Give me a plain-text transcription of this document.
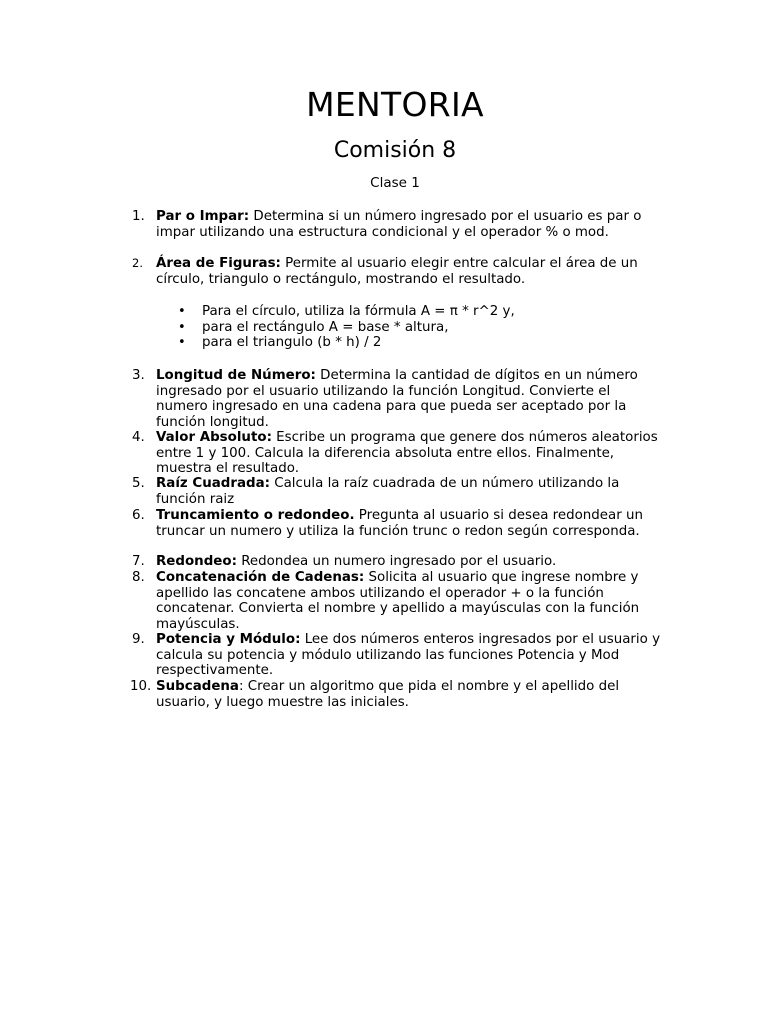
MENTORIA
Comisión 8
Clase 1
1. Par o Impar: Determina si un número ingresado por el usuario es par o impar utilizando una estructura condicional y el operador % o mod.
2. Área de Figuras: Permite al usuario elegir entre calcular el área de un círculo, triangulo o rectángulo, mostrando el resultado.
• Para el círculo, utiliza la fórmula A = π * r^2 y,
• para el rectángulo A = base * altura,
• para el triangulo (b * h) / 2
3. Longitud de Número: Determina la cantidad de dígitos en un número ingresado por el usuario utilizando la función Longitud. Convierte el numero ingresado en una cadena para que pueda ser aceptado por la función longitud.
4. Valor Absoluto: Escribe un programa que genere dos números aleatorios entre 1 y 100. Calcula la diferencia absoluta entre ellos. Finalmente, muestra el resultado.
5. Raíz Cuadrada: Calcula la raíz cuadrada de un número utilizando la función raiz
6. Truncamiento o redondeo. Pregunta al usuario si desea redondear un truncar un numero y utiliza la función trunc o redon según corresponda.
7. Redondeo: Redondea un numero ingresado por el usuario.
8. Concatenación de Cadenas: Solicita al usuario que ingrese nombre y apellido las concatene ambos utilizando el operador + o la función concatenar. Convierta el nombre y apellido a mayúsculas con la función mayúsculas.
9. Potencia y Módulo: Lee dos números enteros ingresados por el usuario y calcula su potencia y módulo utilizando las funciones Potencia y Mod respectivamente.
10. Subcadena: Crear un algoritmo que pida el nombre y el apellido del usuario, y luego muestre las iniciales.
